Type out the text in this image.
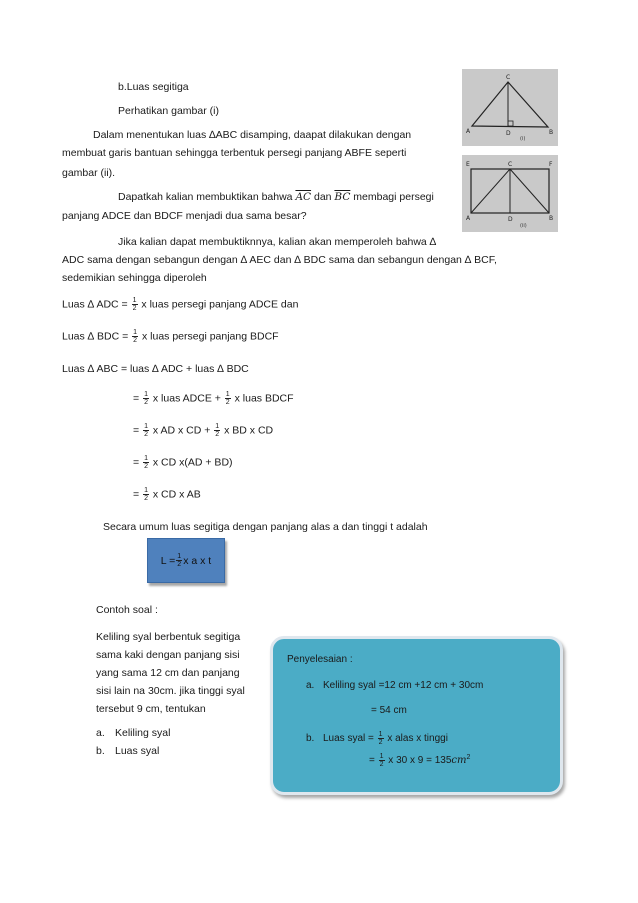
C
A	D	B
(i)
E	C	F
A	D	B
(ii)
b.Luas segitiga
Perhatikan gambar (i)
Dalam menentukan luas ∆ABC disamping, daapat dilakukan dengan
membuat garis bantuan sehingga terbentuk persegi panjang ABFE seperti
gambar (ii).
Dapatkah kalian membuktikan bahwa $\overline{AC}$ dan $\overline{BC}$ membagi persegi
panjang ADCE dan BDCF menjadi dua sama besar?
Jika kalian dapat membuktiknnya, kalian akan memperoleh bahwa ∆
ADC sama dengan sebangun dengan ∆ AEC dan ∆ BDC sama dan sebangun dengan ∆ BCF,
sedemikian sehingga diperoleh
Luas ∆ ADC = $\frac{1}{2}$ x luas persegi panjang ADCE dan
Luas ∆ BDC = $\frac{1}{2}$ x luas persegi panjang BDCF
Luas ∆ ABC = luas ∆ ADC + luas ∆ BDC
= $\frac{1}{2}$ x luas ADCE + $\frac{1}{2}$ x luas BDCF
= $\frac{1}{2}$ x AD x CD + $\frac{1}{2}$ x BD x CD
= $\frac{1}{2}$ x CD x(AD + BD)
= $\frac{1}{2}$ x CD x AB
Secara umum luas segitiga dengan panjang alas a dan tinggi t adalah
$L = \frac{1}{2}$ x a x t
Contoh soal :
Keliling syal berbentuk segitiga
sama kaki dengan panjang sisi
yang sama 12 cm dan panjang
sisi lain na 30cm. jika tinggi syal
tersebut 9 cm, tentukan
a. Keliling syal
b. Luas syal
Penyelesaian :
a. Keliling syal =12 cm +12 cm + 30cm
= 54 cm
b. Luas syal = $\frac{1}{2}$ x alas x tinggi
= $\frac{1}{2}$ x 30 x $9 = 135cm^2$
